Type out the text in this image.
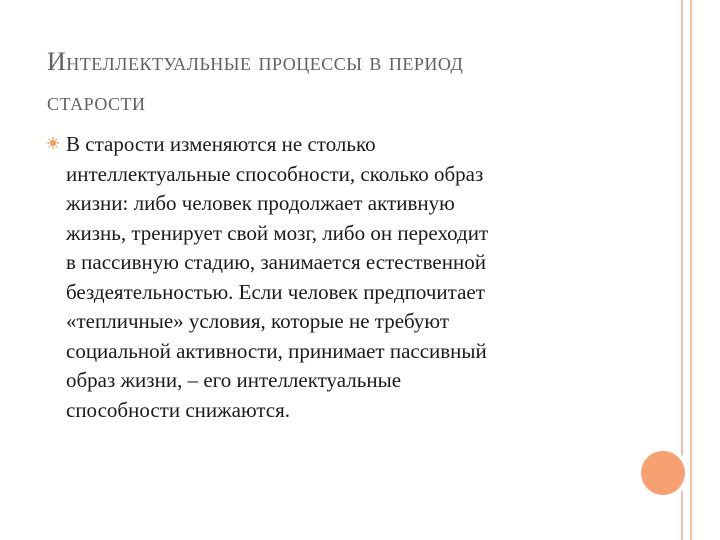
Интеллектуальные процессы в период
старости

В старости изменяются не столько
интеллектуальные способности, сколько образ
жизни: либо человек продолжает активную
жизнь, тренирует свой мозг, либо он переходит
в пассивную стадию, занимается естественной
бездеятельностью. Если человек предпочитает
«тепличные» условия, которые не требуют
социальной активности, принимает пассивный
образ жизни, – его интеллектуальные
способности снижаются.
